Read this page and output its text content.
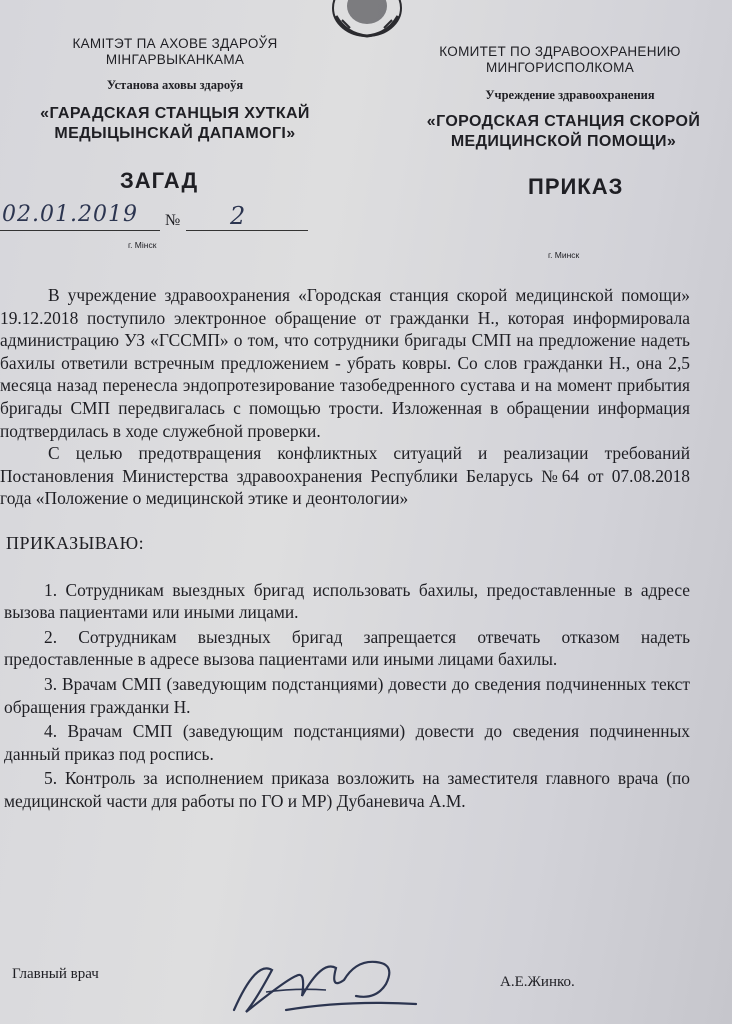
КАМІТЭТ ПА АХОВЕ ЗДАРОЎЯ МІНГАРВЫКАНКАМА
Установа аховы здароўя
«ГАРАДСКАЯ СТАНЦЫЯ ХУТКАЙ МЕДЫЦЫНСКАЙ ДАПАМОГІ»
КОМИТЕТ ПО ЗДРАВООХРАНЕНИЮ МИНГОРИСПОЛКОМА
Учреждение здравоохранения
«ГОРОДСКАЯ СТАНЦИЯ СКОРОЙ МЕДИЦИНСКОЙ ПОМОЩИ»
ЗАГАД	ПРИКАЗ
02.01.2019 № 2
г. Мінск
г. Минск

В учреждение здравоохранения «Городская станция скорой медицинской помощи» 19.12.2018 поступило электронное обращение от гражданки Н., которая информировала администрацию УЗ «ГССМП» о том, что сотрудники бригады СМП на предложение надеть бахилы ответили встречным предложением - убрать ковры. Со слов гражданки Н., она 2,5 месяца назад перенесла эндопротезирование тазобедренного сустава и на момент прибытия бригады СМП передвигалась с помощью трости. Изложенная в обращении информация подтвердилась в ходе служебной проверки.

С целью предотвращения конфликтных ситуаций и реализации требований Постановления Министерства здравоохранения Республики Беларусь №64 от 07.08.2018 года «Положение о медицинской этике и деонтологии»

ПРИКАЗЫВАЮ:
1. Сотрудникам выездных бригад использовать бахилы, предоставленные в адресе вызова пациентами или иными лицами.
2. Сотрудникам выездных бригад запрещается отвечать отказом надеть предоставленные в адресе вызова пациентами или иными лицами бахилы.
3. Врачам СМП (заведующим подстанциями) довести до сведения подчиненных текст обращения гражданки Н.
4. Врачам СМП (заведующим подстанциями) довести до сведения подчиненных данный приказ под роспись.
5. Контроль за исполнением приказа возложить на заместителя главного врача (по медицинской части для работы по ГО и МР) Дубаневича А.М.
Главный врач	А.Е.Жинко.
